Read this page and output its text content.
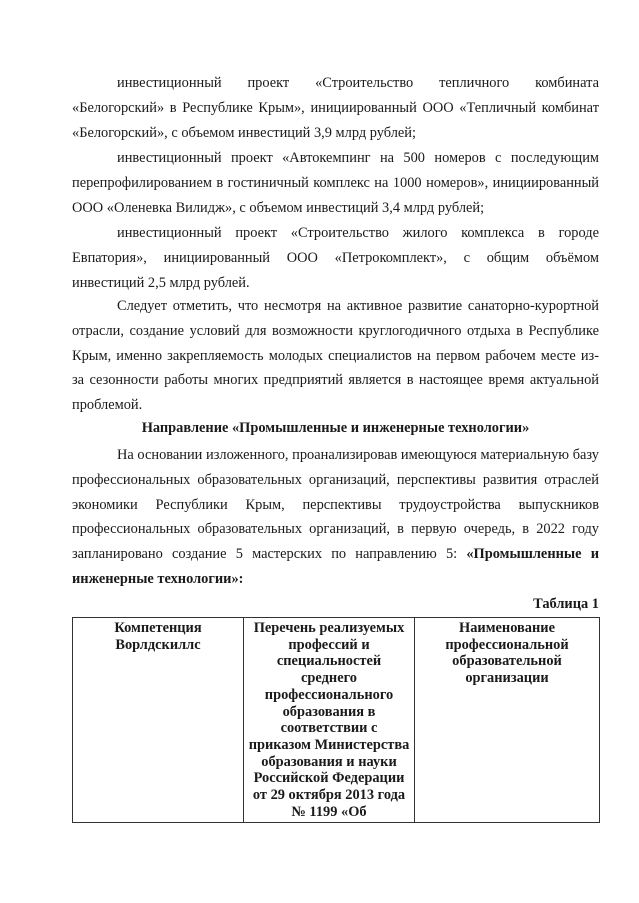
инвестиционный проект «Строительство тепличного комбината
«Белогорский» в Республике Крым», инициированный ООО «Тепличный комбинат
«Белогорский», с объемом инвестиций 3,9 млрд рублей;
инвестиционный проект «Автокемпинг на 500 номеров с последующим
перепрофилированием в гостиничный комплекс на 1000 номеров», инициированный
ООО «Оленевка Вилидж», с объемом инвестиций 3,4 млрд рублей;
инвестиционный проект «Строительство жилого комплекса в городе
Евпатория», инициированный ООО «Петрокомплект», с общим объёмом
инвестиций 2,5 млрд рублей.
Следует отметить, что несмотря на активное развитие санаторно-курортной
отрасли, создание условий для возможности круглогодичного отдыха в Республике
Крым, именно закрепляемость молодых специалистов на первом рабочем месте из-
за сезонности работы многих предприятий является в настоящее время актуальной
проблемой.
Направление «Промышленные и инженерные технологии»
На основании изложенного, проанализировав имеющуюся материальную базу
профессиональных образовательных организаций, перспективы развития отраслей
экономики Республики Крым, перспективы трудоустройства выпускников
профессиональных образовательных организаций, в первую очередь, в 2022 году
запланировано создание 5 мастерских по направлению 5: «Промышленные и
инженерные технологии»:
Таблица 1
Компетенция
Ворлдскиллс

Перечень реализуемых
профессий и
специальностей
среднего
профессионального
образования в
соответствии с
приказом Министерства
образования и науки
Российской Федерации
от 29 октября 2013 года
№ 1199 «Об

Наименование
профессиональной
образовательной
организации
